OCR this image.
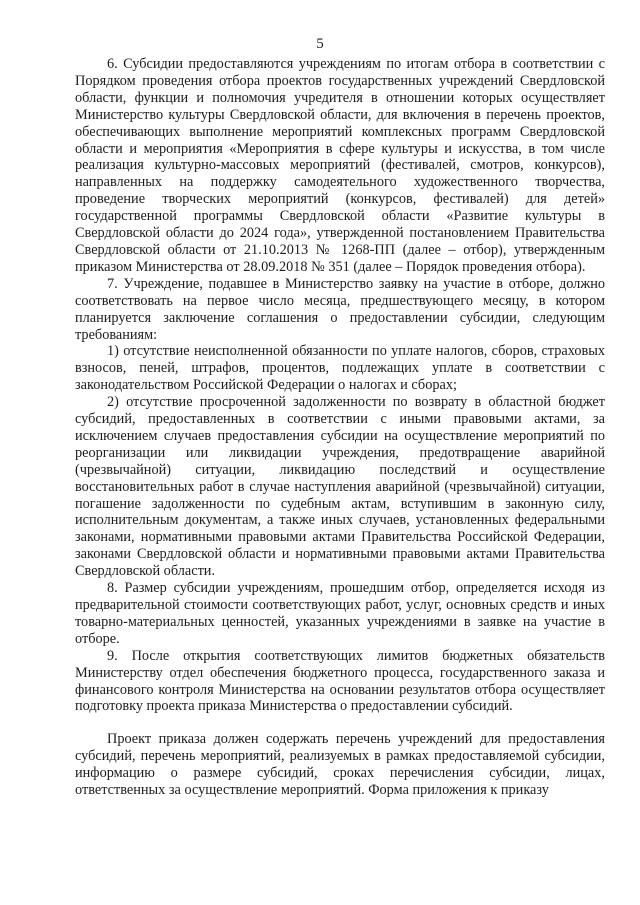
5

6. Субсидии предоставляются учреждениям по итогам отбора в соответствии с Порядком проведения отбора проектов государственных учреждений Свердловской области, функции и полномочия учредителя в отношении которых осуществляет Министерство культуры Свердловской области, для включения в перечень проектов, обеспечивающих выполнение мероприятий комплексных программ Свердловской области и мероприятия «Мероприятия в сфере культуры и искусства, в том числе реализация культурно-массовых мероприятий (фестивалей, смотров, конкурсов), направленных на поддержку самодеятельного художественного творчества, проведение творческих мероприятий (конкурсов, фестивалей) для детей» государственной программы Свердловской области «Развитие культуры в Свердловской области до 2024 года», утвержденной постановлением Правительства Свердловской области от 21.10.2013 № 1268-ПП (далее – отбор), утвержденным приказом Министерства от 28.09.2018 № 351 (далее – Порядок проведения отбора).

7. Учреждение, подавшее в Министерство заявку на участие в отборе, должно соответствовать на первое число месяца, предшествующего месяцу, в котором планируется заключение соглашения о предоставлении субсидии, следующим требованиям:

1) отсутствие неисполненной обязанности по уплате налогов, сборов, страховых взносов, пеней, штрафов, процентов, подлежащих уплате в соответствии с законодательством Российской Федерации о налогах и сборах;

2) отсутствие просроченной задолженности по возврату в областной бюджет субсидий, предоставленных в соответствии с иными правовыми актами, за исключением случаев предоставления субсидии на осуществление мероприятий по реорганизации или ликвидации учреждения, предотвращение аварийной (чрезвычайной) ситуации, ликвидацию последствий и осуществление восстановительных работ в случае наступления аварийной (чрезвычайной) ситуации, погашение задолженности по судебным актам, вступившим в законную силу, исполнительным документам, а также иных случаев, установленных федеральными законами, нормативными правовыми актами Правительства Российской Федерации, законами Свердловской области и нормативными правовыми актами Правительства Свердловской области.

8. Размер субсидии учреждениям, прошедшим отбор, определяется исходя из предварительной стоимости соответствующих работ, услуг, основных средств и иных товарно-материальных ценностей, указанных учреждениями в заявке на участие в отборе.

9. После открытия соответствующих лимитов бюджетных обязательств Министерству отдел обеспечения бюджетного процесса, государственного заказа и финансового контроля Министерства на основании результатов отбора осуществляет подготовку проекта приказа Министерства о предоставлении субсидий.

Проект приказа должен содержать перечень учреждений для предоставления субсидий, перечень мероприятий, реализуемых в рамках предоставляемой субсидии, информацию о размере субсидий, сроках перечисления субсидии, лицах, ответственных за осуществление мероприятий. Форма приложения к приказу
